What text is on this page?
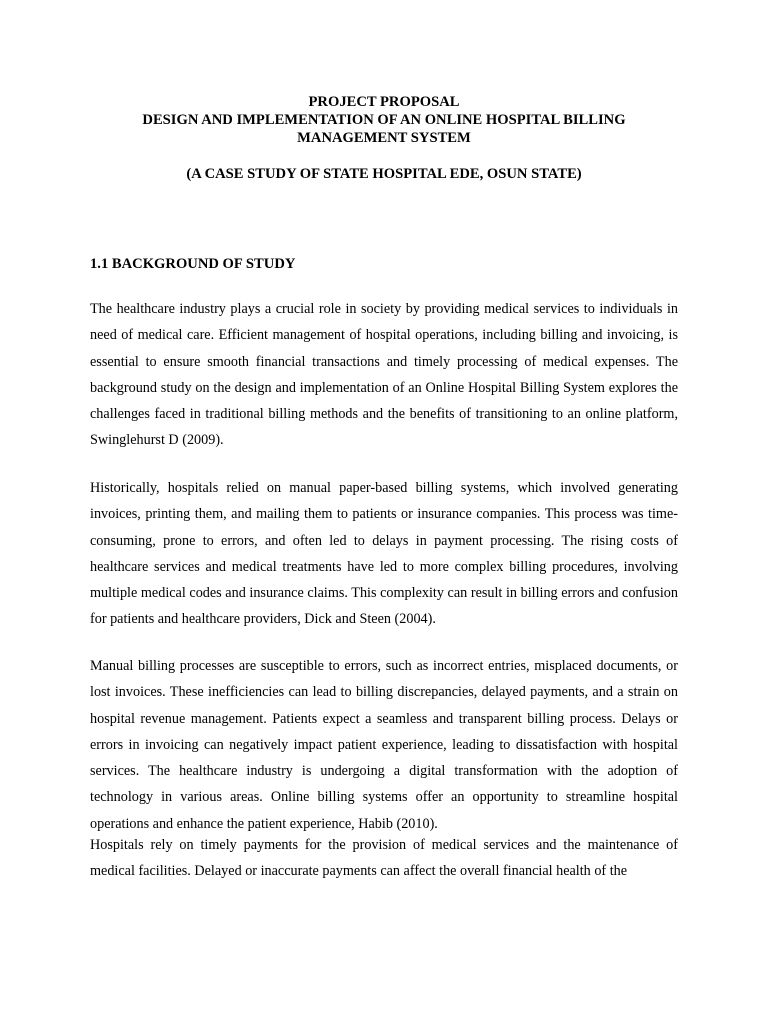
PROJECT PROPOSAL
DESIGN AND IMPLEMENTATION OF AN ONLINE HOSPITAL BILLING
MANAGEMENT SYSTEM
(A CASE STUDY OF STATE HOSPITAL EDE, OSUN STATE)
1.1 BACKGROUND OF STUDY

The healthcare industry plays a crucial role in society by providing medical services to individuals in need of medical care. Efficient management of hospital operations, including billing and invoicing, is essential to ensure smooth financial transactions and timely processing of medical expenses. The background study on the design and implementation of an Online Hospital Billing System explores the challenges faced in traditional billing methods and the benefits of transitioning to an online platform, Swinglehurst D (2009).

Historically, hospitals relied on manual paper-based billing systems, which involved generating invoices, printing them, and mailing them to patients or insurance companies. This process was time-consuming, prone to errors, and often led to delays in payment processing. The rising costs of healthcare services and medical treatments have led to more complex billing procedures, involving multiple medical codes and insurance claims. This complexity can result in billing errors and confusion for patients and healthcare providers, Dick and Steen (2004).

Manual billing processes are susceptible to errors, such as incorrect entries, misplaced documents, or lost invoices. These inefficiencies can lead to billing discrepancies, delayed payments, and a strain on hospital revenue management. Patients expect a seamless and transparent billing process. Delays or errors in invoicing can negatively impact patient experience, leading to dissatisfaction with hospital services. The healthcare industry is undergoing a digital transformation with the adoption of technology in various areas. Online billing systems offer an opportunity to streamline hospital operations and enhance the patient experience, Habib (2010).

Hospitals rely on timely payments for the provision of medical services and the maintenance of medical facilities. Delayed or inaccurate payments can affect the overall financial health of the
